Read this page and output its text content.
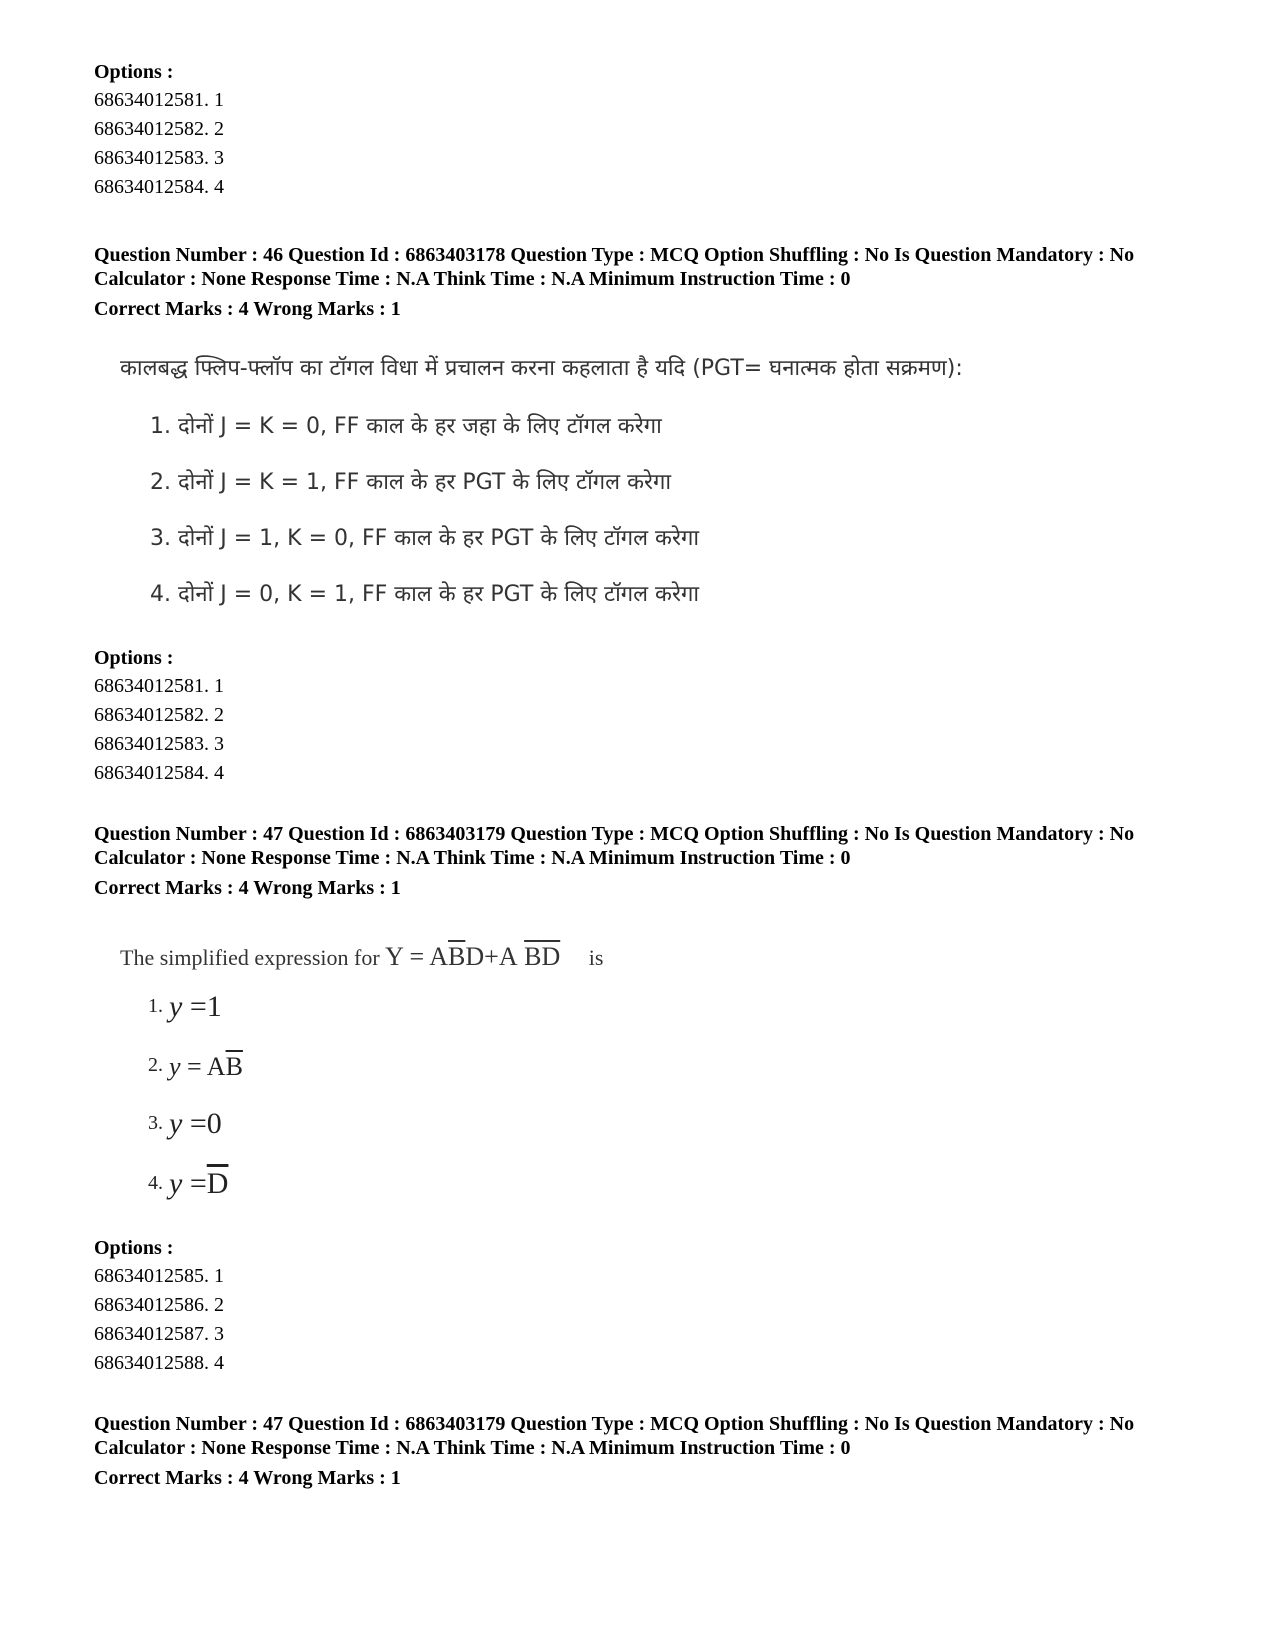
Options :
68634012581. 1
68634012582. 2
68634012583. 3
68634012584. 4
Question Number : 46 Question Id : 6863403178 Question Type : MCQ Option Shuffling : No Is Question Mandatory : No Calculator : None Response Time : N.A Think Time : N.A Minimum Instruction Time : 0
Correct Marks : 4 Wrong Marks : 1
कालबद्ध फ्लिप-फ्लॉप का टॉगल विधा में प्रचालन करना कहलाता है यदि (PGT= घनात्मक होता सक्रमण):
1. दोनों J = K = 0, FF काल के हर जहा के लिए टॉगल करेगा
2. दोनों J = K = 1, FF काल के हर PGT के लिए टॉगल करेगा
3. दोनों J = 1, K = 0, FF काल के हर PGT के लिए टॉगल करेगा
4. दोनों J = 0, K = 1, FF काल के हर PGT के लिए टॉगल करेगा
Options :
68634012581. 1
68634012582. 2
68634012583. 3
68634012584. 4
Question Number : 47 Question Id : 6863403179 Question Type : MCQ Option Shuffling : No Is Question Mandatory : No Calculator : None Response Time : N.A Think Time : N.A Minimum Instruction Time : 0
Correct Marks : 4 Wrong Marks : 1
The simplified expression for $Y = A\overline{B}D+A$ $\overline{B}\overline{D}$ is
1. y =1
2. $y = A\overline{B}$
3. y =0
4. $y =\overline{D}$
Options :
68634012585. 1
68634012586. 2
68634012587. 3
68634012588. 4
Question Number : 47 Question Id : 6863403179 Question Type : MCQ Option Shuffling : No Is Question Mandatory : No Calculator : None Response Time : N.A Think Time : N.A Minimum Instruction Time : 0
Correct Marks : 4 Wrong Marks : 1
